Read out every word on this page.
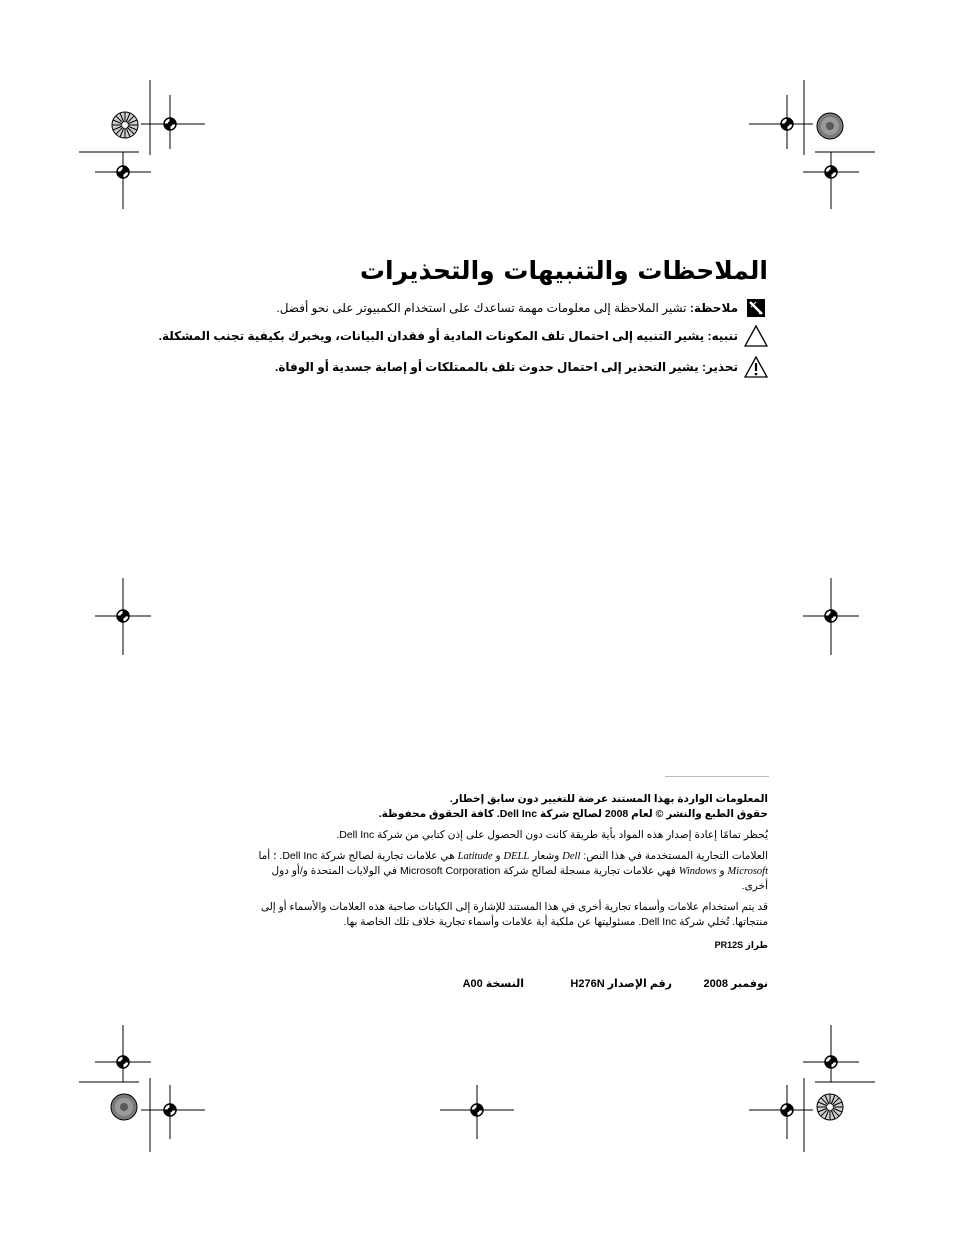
الملاحظات والتنبيهات والتحذيرات
ملاحظة: تشير الملاحظة إلى معلومات مهمة تساعدك على استخدام الكمبيوتر على نحو أفضل.
تنبيه: يشير التنبيه إلى احتمال تلف المكونات المادية أو فقدان البيانات، ويخبرك بكيفية تجنب المشكلة.
تحذير: يشير التحذير إلى احتمال حدوث تلف بالممتلكات أو إصابة جسدية أو الوفاة.
المعلومات الواردة بهذا المستند عرضة للتغيير دون سابق إخطار.
حقوق الطبع والنشر © لعام 2008 لصالح شركة Dell Inc. كافة الحقوق محفوظة.
يُحظر تمامًا إعادة إصدار هذه المواد بأية طريقة كانت دون الحصول على إذن كتابي من شركة Dell Inc.
العلامات التجارية المستخدمة في هذا النص: Dell وشعار DELL و Latitude هي علامات تجارية لصالح شركة Dell Inc. ؛ أما Microsoft و Windows فهي علامات تجارية مسجلة لصالح شركة Microsoft Corporation في الولايات المتحدة و/أو دول أخرى.
قد يتم استخدام علامات وأسماء تجارية أخرى في هذا المستند للإشارة إلى الكيانات صاحبة هذه العلامات والأسماء أو إلى منتجاتها. تُخلي شركة Dell Inc. مسئوليتها عن ملكية أية علامات وأسماء تجارية خلاف تلك الخاصة بها.
طراز PR12S
نوفمبر 2008
رقم الإصدار H276N
النسخة A00
